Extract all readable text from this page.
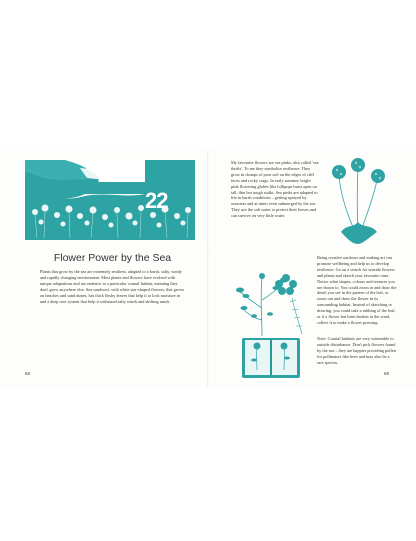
22
Flower Power by the Sea

Plants that grow by the sea are extremely resilient, adapted to a harsh, salty, windy and rapidly changing environment. Most plants and flowers have evolved with unique adaptations and are endemic to a particular coastal habitat, meaning they don't grow anywhere else. Sea sandwort, with white star-shaped flowers, that grows on beaches and sand dunes, has thick fleshy leaves that help it to lock moisture in and a deep root system that help it withstand salty winds and shifting sands.

68

My favourite flowers are sea pinks, also called 'sea thrifts'. To me they symbolise resilience. They grow in clumps of poor soil on the edges of cliff faces and rocky crags. In early summer, bright pink flowering globes like lollipops burst open on tall, thin but tough stalks. Sea pinks are adapted to life in harsh conditions – getting sprayed by seawater and at times even submerged by the sea. They use the salt water to protect their leaves and can survive on very little water.

Being creative outdoors and making art can promote wellbeing and help us to develop resilience. Go on a search for seaside flowers and plants and sketch your favourite ones. Notice what shapes, colours and textures you are drawn to. You could zoom in and draw the detail you see in the pattern of the leaf, or zoom out and draw the flower in its surrounding habitat. Instead of sketching or drawing, you could take a rubbing of the leaf, or if a flower has been broken in the wind, collect it to make a flower pressing.

Note: Coastal habitats are very vulnerable to outside disturbance. Don't pick flowers found by the sea – they are happier providing pollen for pollinators like bees and may also be a rare species.

69
